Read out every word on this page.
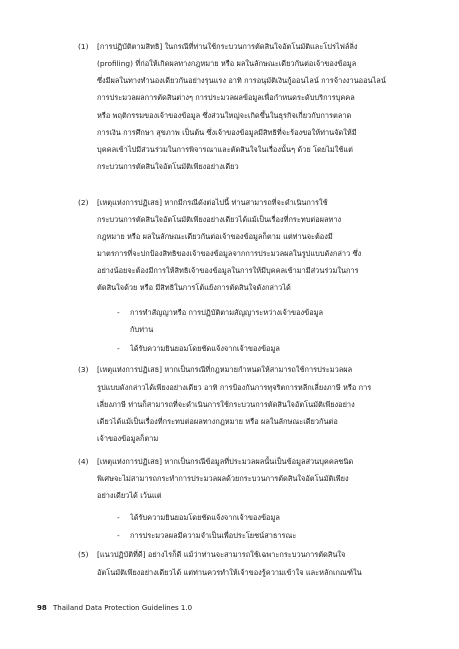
(1) [การปฏิบัติตามสิทธิ] ในกรณีที่ท่านใช้กระบวนการตัดสินใจอัตโนมัติและโปรไฟล์ลิ่ง
(profiling) ที่ก่อให้เกิดผลทางกฎหมาย หรือ ผลในลักษณะเดียวกันต่อเจ้าของข้อมูล
ซึ่งมีผลในทางทำนองเดียวกันอย่างรุนแรง อาทิ การอนุมัติเงินกู้ออนไลน์ การจ้างงานออนไลน์
การประมวลผลการตัดสินต่างๆ การประมวลผลข้อมูลเพื่อกำหนดระดับบริการบุคคล
หรือ พฤติกรรมของเจ้าของข้อมูล ซึ่งส่วนใหญ่จะเกิดขึ้นในธุรกิจเกี่ยวกับการตลาด
การเงิน การศึกษา สุขภาพ เป็นต้น ซึ่งเจ้าของข้อมูลมีสิทธิที่จะร้องขอให้ท่านจัดให้มี
บุคคลเข้าไปมีส่วนร่วมในการพิจารณาและตัดสินใจในเรื่องนั้นๆ ด้วย โดยไม่ใช้แต่
กระบวนการตัดสินใจอัตโนมัติเพียงอย่างเดียว
(2) [เหตุแห่งการปฏิเสธ] หากมีกรณีดังต่อไปนี้ ท่านสามารถที่จะดำเนินการใช้
กระบวนการตัดสินใจอัตโนมัติเพียงอย่างเดียวได้แม้เป็นเรื่องที่กระทบต่อผลทาง
กฎหมาย หรือ ผลในลักษณะเดียวกันต่อเจ้าของข้อมูลก็ตาม แต่ท่านจะต้องมี
มาตรการที่จะปกป้องสิทธิของเจ้าของข้อมูลจากการประมวลผลในรูปแบบดังกล่าว ซึ่ง
อย่างน้อยจะต้องมีการให้สิทธิเจ้าของข้อมูลในการให้มีบุคคลเข้ามามีส่วนร่วมในการ
ตัดสินใจด้วย หรือ มีสิทธิในการโต้แย้งการตัดสินใจดังกล่าวได้
- การทำสัญญาหรือ การปฏิบัติตามสัญญาระหว่างเจ้าของข้อมูล
กับท่าน
- ได้รับความยินยอมโดยชัดแจ้งจากเจ้าของข้อมูล
(3) [เหตุแห่งการปฏิเสธ] หากเป็นกรณีที่กฎหมายกำหนดให้สามารถใช้การประมวลผล
รูปแบบดังกล่าวได้เพียงอย่างเดียว อาทิ การป้องกันการทุจริตการหลีกเลี่ยงภาษี หรือ การ
เลี่ยงภาษี ท่านก็สามารถที่จะดำเนินการใช้กระบวนการตัดสินใจอัตโนมัติเพียงอย่าง
เดียวได้แม้เป็นเรื่องที่กระทบต่อผลทางกฎหมาย หรือ ผลในลักษณะเดียวกันต่อ
เจ้าของข้อมูลก็ตาม
(4) [เหตุแห่งการปฏิเสธ] หากเป็นกรณีข้อมูลที่ประมวลผลนั้นเป็นข้อมูลส่วนบุคคลชนิด
พิเศษจะไม่สามารถกระทำการประมวลผลด้วยกระบวนการตัดสินใจอัตโนมัติเพียง
อย่างเดียวได้ เว้นแต่
- ได้รับความยินยอมโดยชัดแจ้งจากเจ้าของข้อมูล
- การประมวลผลมีความจำเป็นเพื่อประโยชน์สาธารณะ
(5) [แนวปฏิบัติที่ดี] อย่างไรก็ดี แม้ว่าท่านจะสามารถใช้เฉพาะกระบวนการตัดสินใจ
อัตโนมัติเพียงอย่างเดียวได้ แต่ท่านควรทำให้เจ้าของรู้ความเข้าใจ และหลักเกณฑ์ใน
98 Thailand Data Protection Guidelines 1.0
